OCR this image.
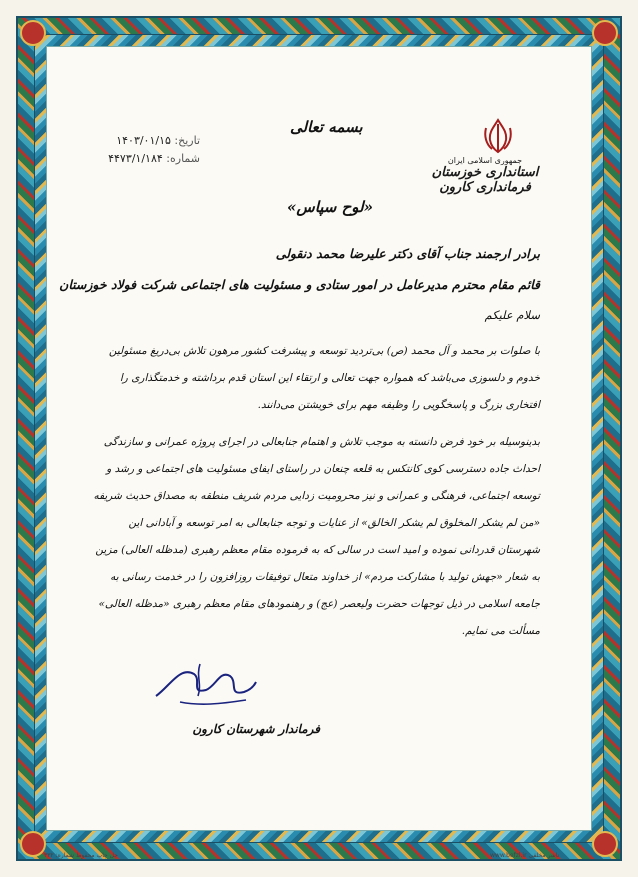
بسمه تعالی
تاریخ: ۱۴۰۳/۰۱/۱۵
شماره: ۴۴۷۳/۱/۱۸۴	جمهوری اسلامی ایران
استانداری خوزستان
فرمانداری کارون
«لوح سپاس»
برادر ارجمند جناب آقای دکتر علیرضا محمد دنقولی
قائم مقام محترم مدیرعامل در امور ستادی و مسئولیت های اجتماعی شرکت فولاد خوزستان
سلام علیکم
با صلوات بر محمد و آل محمد (ص) بی‌تردید توسعه و پیشرفت کشور مرهون تلاش بی‌دریغ مسئولین خدوم و دلسوزی می‌باشد که همواره جهت تعالی و ارتقاء این استان قدم برداشته و خدمتگذاری را افتخاری بزرگ و پاسخگویی را وظیفه مهم برای خویشتن می‌دانند.
بدینوسیله بر خود فرض دانسته به موجب تلاش و اهتمام جنابعالی در اجرای پروژه عمرانی و سازندگی احداث جاده دسترسی کوی کانتکس به قلعه چنعان در راستای ایفای مسئولیت های اجتماعی و رشد و توسعه اجتماعی، فرهنگی و عمرانی و نیز محرومیت زدایی مردم شریف منطقه به مصداق حدیث شریفه «من لم یشکر المخلوق لم یشکر الخالق» از عنایات و توجه جنابعالی به امر توسعه و آبادانی این شهرستان قدردانی نموده و امید است در سالی که به فرموده مقام معظم رهبری (مدظله العالی) مزین به شعار «جهش تولید با مشارکت مردم» از خداوند متعال توفیقات روزافزون را در خدمت رسانی به جامعه اسلامی در ذیل توجهات حضرت ولیعصر (عج) و رهنمودهای مقام معظم رهبری «مدظله العالی» مسألت می نمایم.
فرماندار شهرستان کارون
جل چاپ محفوظ شماره: ۳۳۲	www.befzl.ir ناشر مخلفی
